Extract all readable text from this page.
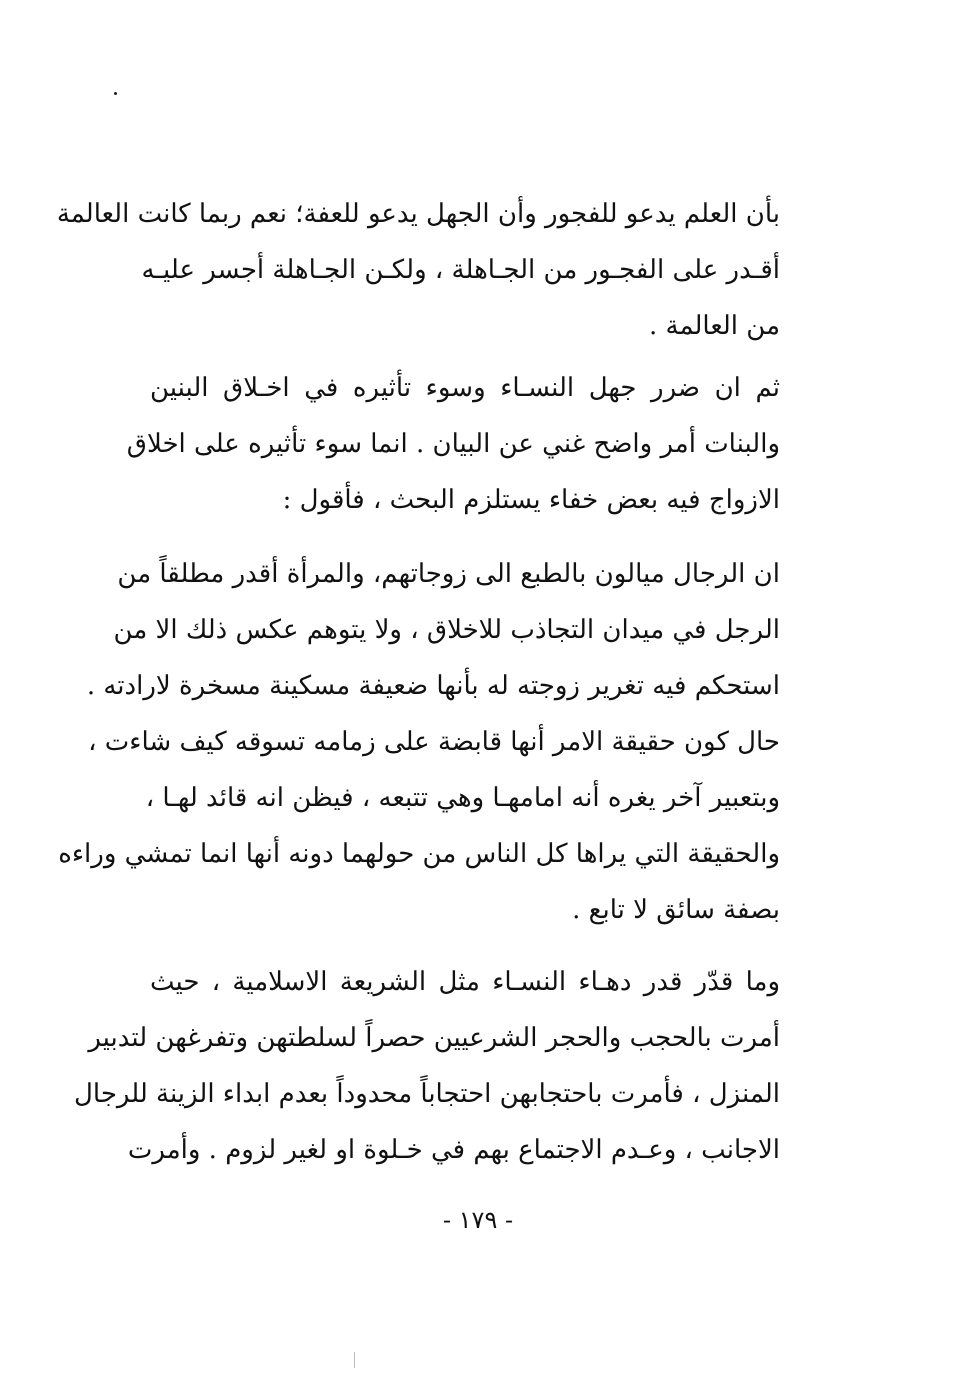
بأن العلم يدعو للفجور وأن الجهل يدعو للعفة؛ نعم ربما كانت العالمة
أقـدر على الفجـور من الجـاهلة ، ولكـن الجـاهلة أجسر عليـه
من العالمة .
ثم ان ضرر جهل النسـاء وسوء تأثيره في اخـلاق البنين
والبنات أمر واضح غني عن البيان . انما سوء تأثيره على اخلاق
الازواج فيه بعض خفاء يستلزم البحث ، فأقول :
ان الرجال ميالون بالطبع الى زوجاتهم، والمرأة أقدر مطلقاً من
الرجل في ميدان التجاذب للاخلاق ، ولا يتوهم عكس ذلك الا من
استحكم فيه تغرير زوجته له بأنها ضعيفة مسكينة مسخرة لارادته .
حال كون حقيقة الامر أنها قابضة على زمامه تسوقه كيف شاءت ،
وبتعبير آخر يغره أنه امامهـا وهي تتبعه ، فيظن انه قائد لهـا ،
والحقيقة التي يراها كل الناس من حولهما دونه أنها انما تمشي وراءه
بصفة سائق لا تابع .
وما قدّر قدر دهـاء النسـاء مثل الشريعة الاسلامية ، حيث
أمرت بالحجب والحجر الشرعيين حصراً لسلطتهن وتفرغهن لتدبير
المنزل ، فأمرت باحتجابهن احتجاباً محدوداً بعدم ابداء الزينة للرجال
الاجانب ، وعـدم الاجتماع بهم في خـلوة او لغير لزوم . وأمرت
- ١٧٩ -
